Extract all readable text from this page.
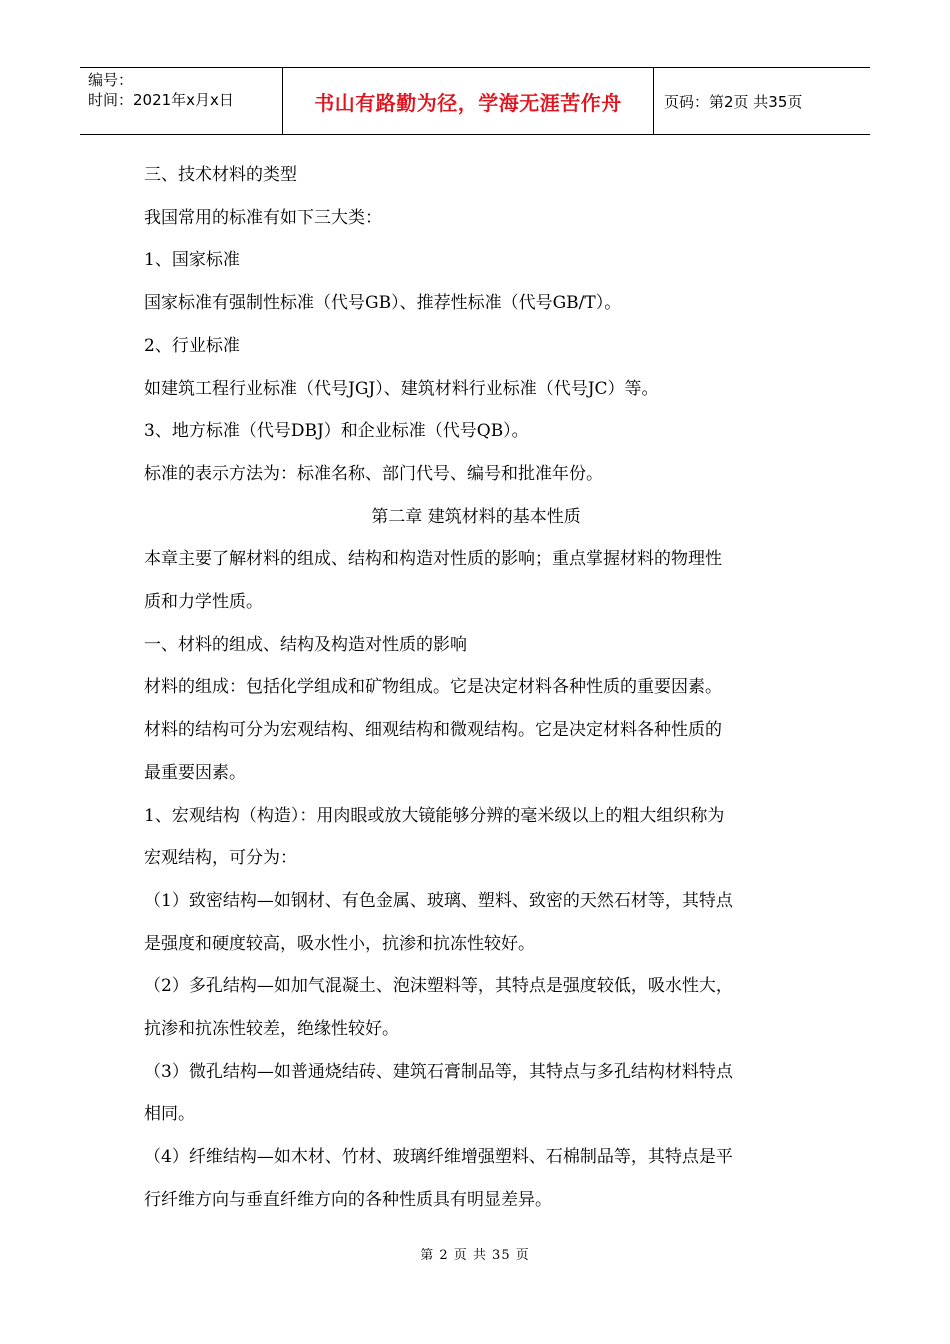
编号：
时间：2021年x月x日	书山有路勤为径，学海无涯苦作舟	页码：第2页 共35页

三、技术材料的类型

我国常用的标准有如下三大类：

1、国家标准

国家标准有强制性标准（代号GB）、推荐性标准（代号GB/T）。

2、行业标准

如建筑工程行业标准（代号JGJ）、建筑材料行业标准（代号JC）等。

3、地方标准（代号DBJ）和企业标准（代号QB）。

标准的表示方法为：标准名称、部门代号、编号和批准年份。

第二章 建筑材料的基本性质

本章主要了解材料的组成、结构和构造对性质的影响；重点掌握材料的物理性

质和力学性质。

一、材料的组成、结构及构造对性质的影响

材料的组成：包括化学组成和矿物组成。它是决定材料各种性质的重要因素。

材料的结构可分为宏观结构、细观结构和微观结构。它是决定材料各种性质的

最重要因素。

1、宏观结构（构造）：用肉眼或放大镜能够分辨的毫米级以上的粗大组织称为

宏观结构，可分为：

（1）致密结构—如钢材、有色金属、玻璃、塑料、致密的天然石材等，其特点

是强度和硬度较高，吸水性小，抗渗和抗冻性较好。

（2）多孔结构—如加气混凝土、泡沫塑料等，其特点是强度较低，吸水性大，

抗渗和抗冻性较差，绝缘性较好。

（3）微孔结构—如普通烧结砖、建筑石膏制品等，其特点与多孔结构材料特点

相同。

（4）纤维结构—如木材、竹材、玻璃纤维增强塑料、石棉制品等，其特点是平

行纤维方向与垂直纤维方向的各种性质具有明显差异。

第 2 页 共 35 页
